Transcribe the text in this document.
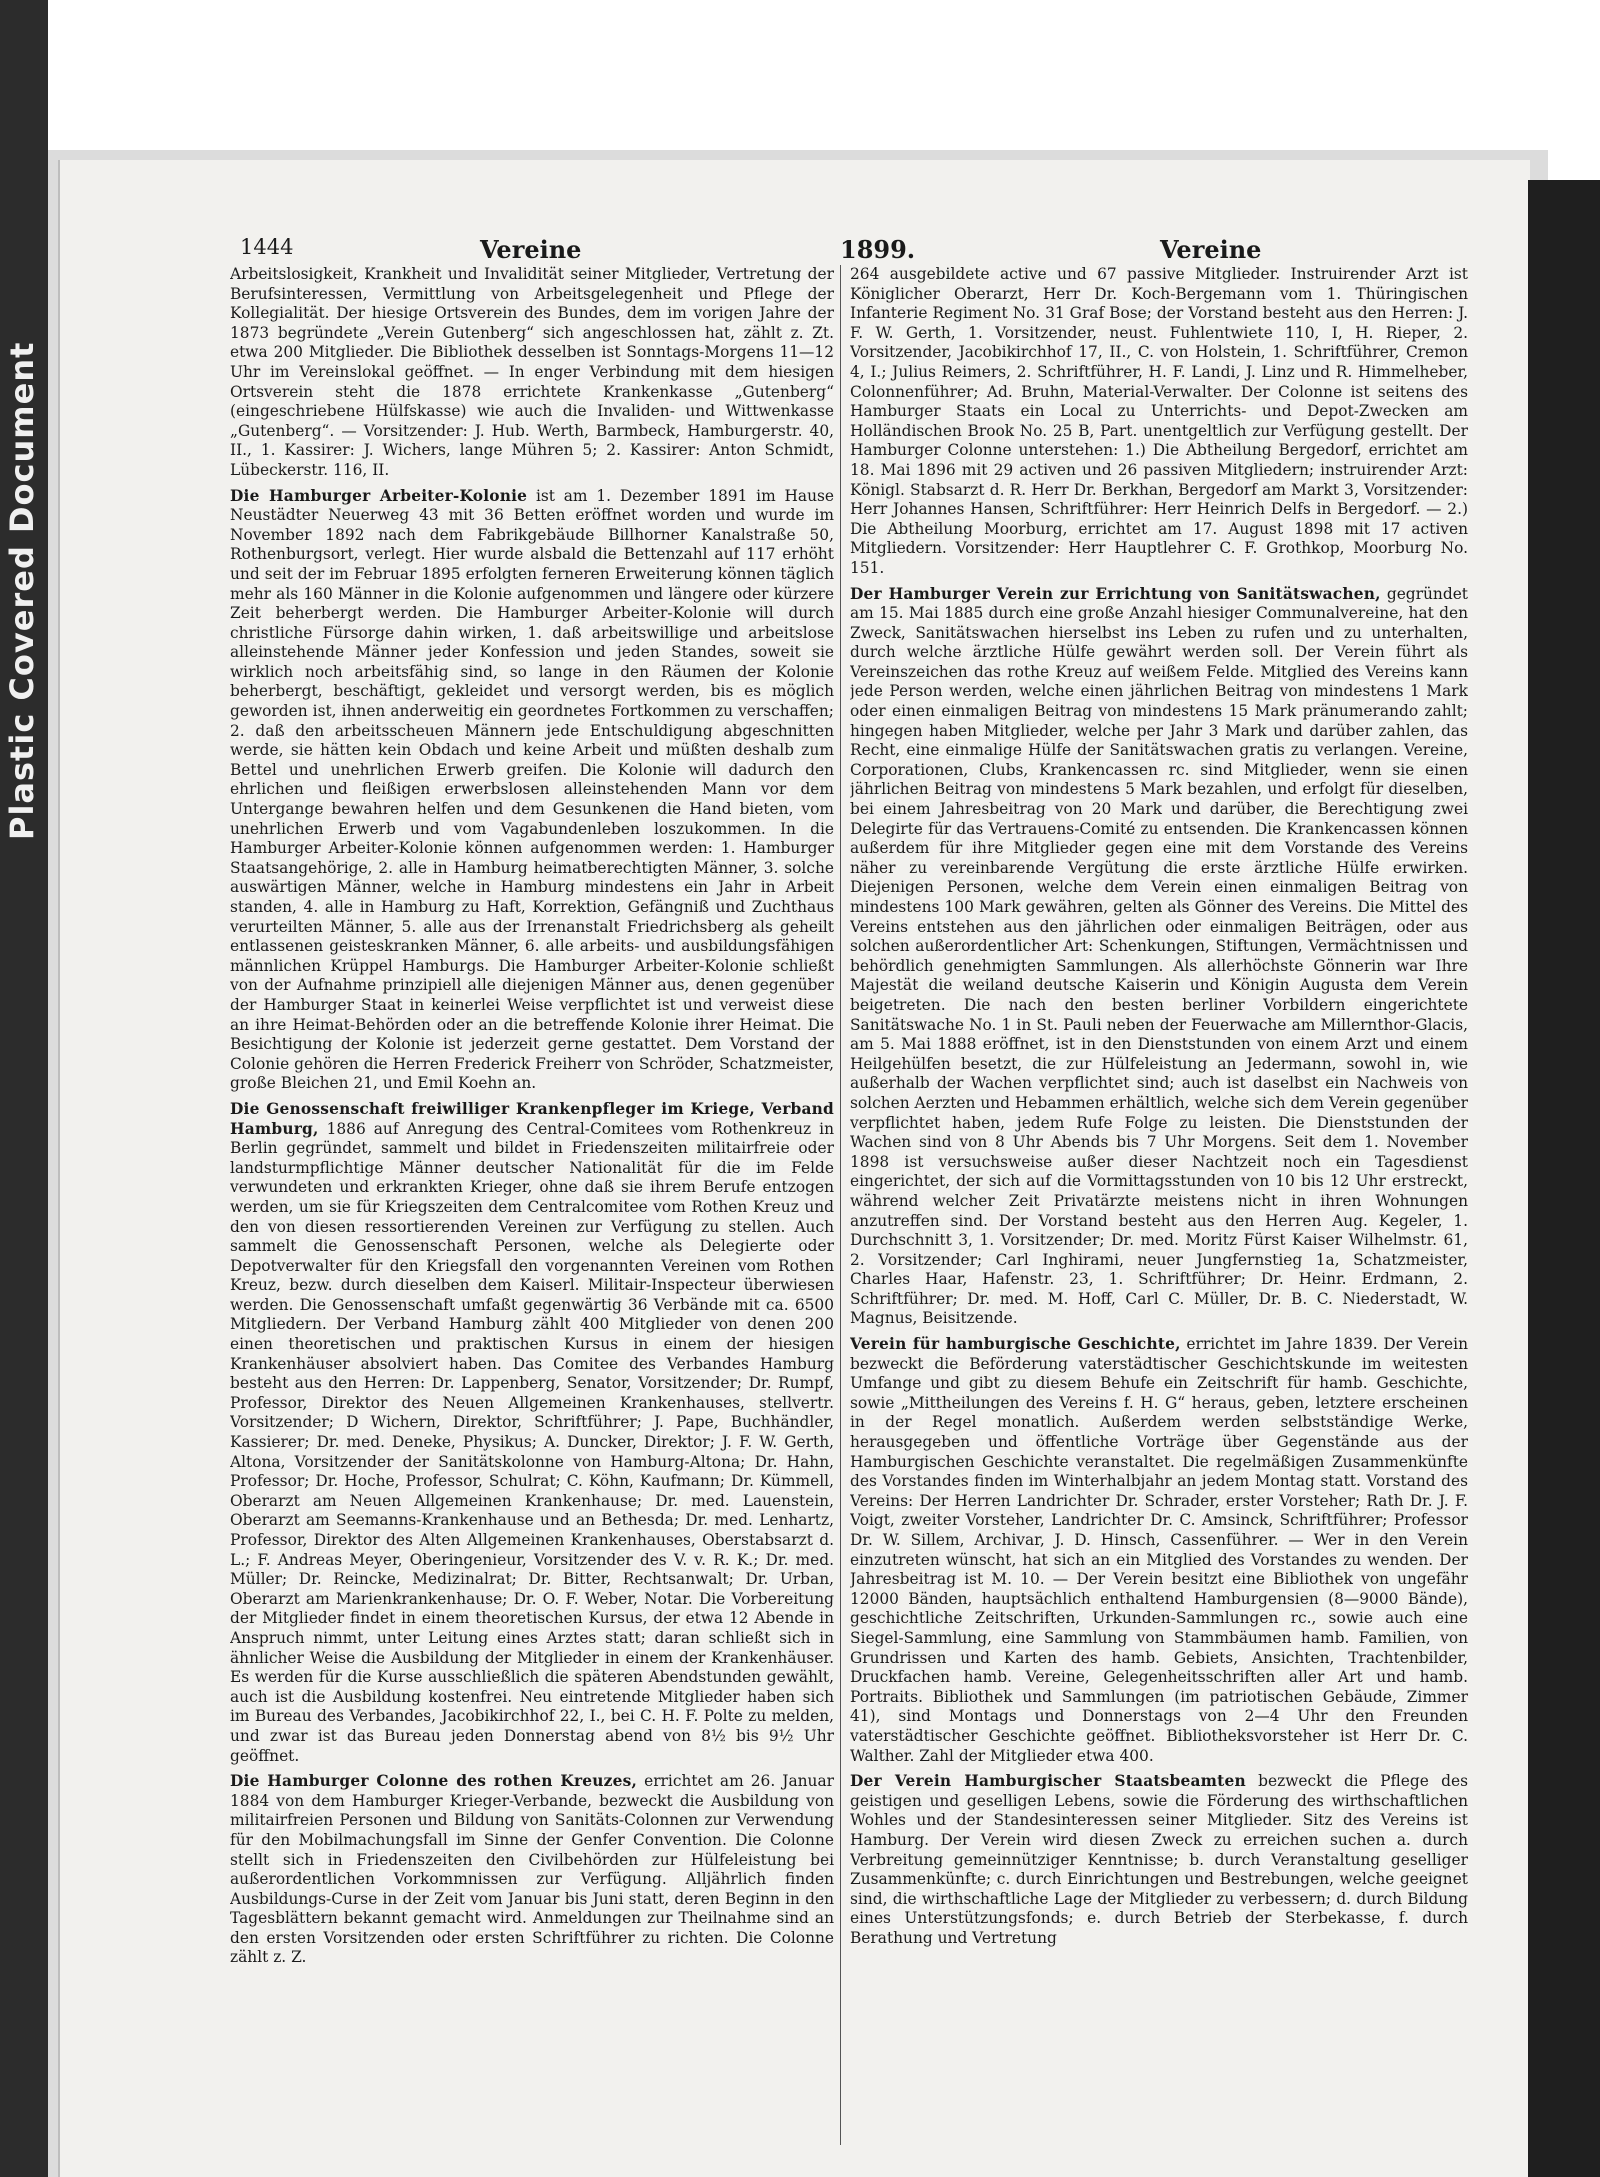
Plastic Covered Document
1444	Vereine	1899.	Vereine

Arbeitslosigkeit, Krankheit und Invalidität seiner Mitglieder, Vertretung der Berufsinteressen, Vermittlung von Arbeitsgelegenheit und Pflege der Kollegialität. Der hiesige Ortsverein des Bundes, dem im vorigen Jahre der 1873 begründete „Verein Gutenberg“ sich angeschlossen hat, zählt z. Zt. etwa 200 Mitglieder. Die Bibliothek desselben ist Sonntags-Morgens 11—12 Uhr im Vereinslokal geöffnet. — In enger Verbindung mit dem hiesigen Ortsverein steht die 1878 errichtete Krankenkasse „Gutenberg“ (eingeschriebene Hülfskasse) wie auch die Invaliden- und Wittwenkasse „Gutenberg“. — Vorsitzender: J. Hub. Werth, Barmbeck, Hamburgerstr. 40, II., 1. Kassirer: J. Wichers, lange Mühren 5; 2. Kassirer: Anton Schmidt, Lübeckerstr. 116, II.

Die Hamburger Arbeiter-Kolonie ist am 1. Dezember 1891 im Hause Neustädter Neuerweg 43 mit 36 Betten eröffnet worden und wurde im November 1892 nach dem Fabrikgebäude Billhorner Kanalstraße 50, Rothenburgsort, verlegt. Hier wurde alsbald die Bettenzahl auf 117 erhöht und seit der im Februar 1895 erfolgten ferneren Erweiterung können täglich mehr als 160 Männer in die Kolonie aufgenommen und längere oder kürzere Zeit beherbergt werden. Die Hamburger Arbeiter-Kolonie will durch christliche Fürsorge dahin wirken, 1. daß arbeitswillige und arbeitslose alleinstehende Männer jeder Konfession und jeden Standes, soweit sie wirklich noch arbeitsfähig sind, so lange in den Räumen der Kolonie beherbergt, beschäftigt, gekleidet und versorgt werden, bis es möglich geworden ist, ihnen anderweitig ein geordnetes Fortkommen zu verschaffen; 2. daß den arbeitsscheuen Männern jede Entschuldigung abgeschnitten werde, sie hätten kein Obdach und keine Arbeit und müßten deshalb zum Bettel und unehrlichen Erwerb greifen. Die Kolonie will dadurch den ehrlichen und fleißigen erwerbslosen alleinstehenden Mann vor dem Untergange bewahren helfen und dem Gesunkenen die Hand bieten, vom unehrlichen Erwerb und vom Vagabundenleben loszukommen. In die Hamburger Arbeiter-Kolonie können aufgenommen werden: 1. Hamburger Staatsangehörige, 2. alle in Hamburg heimatberechtigten Männer, 3. solche auswärtigen Männer, welche in Hamburg mindestens ein Jahr in Arbeit standen, 4. alle in Hamburg zu Haft, Korrektion, Gefängniß und Zuchthaus verurteilten Männer, 5. alle aus der Irrenanstalt Friedrichsberg als geheilt entlassenen geisteskranken Männer, 6. alle arbeits- und ausbildungsfähigen männlichen Krüppel Hamburgs. Die Hamburger Arbeiter-Kolonie schließt von der Aufnahme prinzipiell alle diejenigen Männer aus, denen gegenüber der Hamburger Staat in keinerlei Weise verpflichtet ist und verweist diese an ihre Heimat-Behörden oder an die betreffende Kolonie ihrer Heimat. Die Besichtigung der Kolonie ist jederzeit gerne gestattet. Dem Vorstand der Colonie gehören die Herren Frederick Freiherr von Schröder, Schatzmeister, große Bleichen 21, und Emil Koehn an.

Die Genossenschaft freiwilliger Krankenpfleger im Kriege, Verband Hamburg, 1886 auf Anregung des Central-Comitees vom Rothenkreuz in Berlin gegründet, sammelt und bildet in Friedenszeiten militairfreie oder landsturmpflichtige Männer deutscher Nationalität für die im Felde verwundeten und erkrankten Krieger, ohne daß sie ihrem Berufe entzogen werden, um sie für Kriegszeiten dem Centralcomitee vom Rothen Kreuz und den von diesen ressortierenden Vereinen zur Verfügung zu stellen. Auch sammelt die Genossenschaft Personen, welche als Delegierte oder Depotverwalter für den Kriegsfall den vorgenannten Vereinen vom Rothen Kreuz, bezw. durch dieselben dem Kaiserl. Militair-Inspecteur überwiesen werden. Die Genossenschaft umfaßt gegenwärtig 36 Verbände mit ca. 6500 Mitgliedern. Der Verband Hamburg zählt 400 Mitglieder von denen 200 einen theoretischen und praktischen Kursus in einem der hiesigen Krankenhäuser absolviert haben. Das Comitee des Verbandes Hamburg besteht aus den Herren: Dr. Lappenberg, Senator, Vorsitzender; Dr. Rumpf, Professor, Direktor des Neuen Allgemeinen Krankenhauses, stellvertr. Vorsitzender; D Wichern, Direktor, Schriftführer; J. Pape, Buchhändler, Kassierer; Dr. med. Deneke, Physikus; A. Duncker, Direktor; J. F. W. Gerth, Altona, Vorsitzender der Sanitätskolonne von Hamburg-Altona; Dr. Hahn, Professor; Dr. Hoche, Professor, Schulrat; C. Köhn, Kaufmann; Dr. Kümmell, Oberarzt am Neuen Allgemeinen Krankenhause; Dr. med. Lauenstein, Oberarzt am Seemanns-Krankenhause und an Bethesda; Dr. med. Lenhartz, Professor, Direktor des Alten Allgemeinen Krankenhauses, Oberstabsarzt d. L.; F. Andreas Meyer, Oberingenieur, Vorsitzender des V. v. R. K.; Dr. med. Müller; Dr. Reincke, Medizinalrat; Dr. Bitter, Rechtsanwalt; Dr. Urban, Oberarzt am Marienkrankenhause; Dr. O. F. Weber, Notar. Die Vorbereitung der Mitglieder findet in einem theoretischen Kursus, der etwa 12 Abende in Anspruch nimmt, unter Leitung eines Arztes statt; daran schließt sich in ähnlicher Weise die Ausbildung der Mitglieder in einem der Krankenhäuser. Es werden für die Kurse ausschließlich die späteren Abendstunden gewählt, auch ist die Ausbildung kostenfrei. Neu eintretende Mitglieder haben sich im Bureau des Verbandes, Jacobikirchhof 22, I., bei C. H. F. Polte zu melden, und zwar ist das Bureau jeden Donnerstag abend von 8½ bis 9½ Uhr geöffnet.

Die Hamburger Colonne des rothen Kreuzes, errichtet am 26. Januar 1884 von dem Hamburger Krieger-Verbande, bezweckt die Ausbildung von militairfreien Personen und Bildung von Sanitäts-Colonnen zur Verwendung für den Mobilmachungsfall im Sinne der Genfer Convention. Die Colonne stellt sich in Friedenszeiten den Civilbehörden zur Hülfeleistung bei außerordentlichen Vorkommnissen zur Verfügung. Alljährlich finden Ausbildungs-Curse in der Zeit vom Januar bis Juni statt, deren Beginn in den Tagesblättern bekannt gemacht wird. Anmeldungen zur Theilnahme sind an den ersten Vorsitzenden oder ersten Schriftführer zu richten. Die Colonne zählt z. Z.

264 ausgebildete active und 67 passive Mitglieder. Instruirender Arzt ist Königlicher Oberarzt, Herr Dr. Koch-Bergemann vom 1. Thüringischen Infanterie Regiment No. 31 Graf Bose; der Vorstand besteht aus den Herren: J. F. W. Gerth, 1. Vorsitzender, neust. Fuhlentwiete 110, I, H. Rieper, 2. Vorsitzender, Jacobikirchhof 17, II., C. von Holstein, 1. Schriftführer, Cremon 4, I.; Julius Reimers, 2. Schriftführer, H. F. Landi, J. Linz und R. Himmelheber, Colonnenführer; Ad. Bruhn, Material-Verwalter. Der Colonne ist seitens des Hamburger Staats ein Local zu Unterrichts- und Depot-Zwecken am Holländischen Brook No. 25 B, Part. unentgeltlich zur Verfügung gestellt. Der Hamburger Colonne unterstehen: 1.) Die Abtheilung Bergedorf, errichtet am 18. Mai 1896 mit 29 activen und 26 passiven Mitgliedern; instruirender Arzt: Königl. Stabsarzt d. R. Herr Dr. Berkhan, Bergedorf am Markt 3, Vorsitzender: Herr Johannes Hansen, Schriftführer: Herr Heinrich Delfs in Bergedorf. — 2.) Die Abtheilung Moorburg, errichtet am 17. August 1898 mit 17 activen Mitgliedern. Vorsitzender: Herr Hauptlehrer C. F. Grothkop, Moorburg No. 151.

Der Hamburger Verein zur Errichtung von Sanitätswachen, gegründet am 15. Mai 1885 durch eine große Anzahl hiesiger Communalvereine, hat den Zweck, Sanitätswachen hierselbst ins Leben zu rufen und zu unterhalten, durch welche ärztliche Hülfe gewährt werden soll. Der Verein führt als Vereinszeichen das rothe Kreuz auf weißem Felde. Mitglied des Vereins kann jede Person werden, welche einen jährlichen Beitrag von mindestens 1 Mark oder einen einmaligen Beitrag von mindestens 15 Mark pränumerando zahlt; hingegen haben Mitglieder, welche per Jahr 3 Mark und darüber zahlen, das Recht, eine einmalige Hülfe der Sanitätswachen gratis zu verlangen. Vereine, Corporationen, Clubs, Krankencassen rc. sind Mitglieder, wenn sie einen jährlichen Beitrag von mindestens 5 Mark bezahlen, und erfolgt für dieselben, bei einem Jahresbeitrag von 20 Mark und darüber, die Berechtigung zwei Delegirte für das Vertrauens-Comité zu entsenden. Die Krankencassen können außerdem für ihre Mitglieder gegen eine mit dem Vorstande des Vereins näher zu vereinbarende Vergütung die erste ärztliche Hülfe erwirken. Diejenigen Personen, welche dem Verein einen einmaligen Beitrag von mindestens 100 Mark gewähren, gelten als Gönner des Vereins. Die Mittel des Vereins entstehen aus den jährlichen oder einmaligen Beiträgen, oder aus solchen außerordentlicher Art: Schenkungen, Stiftungen, Vermächtnissen und behördlich genehmigten Sammlungen. Als allerhöchste Gönnerin war Ihre Majestät die weiland deutsche Kaiserin und Königin Augusta dem Verein beigetreten. Die nach den besten berliner Vorbildern eingerichtete Sanitätswache No. 1 in St. Pauli neben der Feuerwache am Millernthor-Glacis, am 5. Mai 1888 eröffnet, ist in den Dienststunden von einem Arzt und einem Heilgehülfen besetzt, die zur Hülfeleistung an Jedermann, sowohl in, wie außerhalb der Wachen verpflichtet sind; auch ist daselbst ein Nachweis von solchen Aerzten und Hebammen erhältlich, welche sich dem Verein gegenüber verpflichtet haben, jedem Rufe Folge zu leisten. Die Dienststunden der Wachen sind von 8 Uhr Abends bis 7 Uhr Morgens. Seit dem 1. November 1898 ist versuchsweise außer dieser Nachtzeit noch ein Tagesdienst eingerichtet, der sich auf die Vormittagsstunden von 10 bis 12 Uhr erstreckt, während welcher Zeit Privatärzte meistens nicht in ihren Wohnungen anzutreffen sind. Der Vorstand besteht aus den Herren Aug. Kegeler, 1. Durchschnitt 3, 1. Vorsitzender; Dr. med. Moritz Fürst Kaiser Wilhelmstr. 61, 2. Vorsitzender; Carl Inghirami, neuer Jungfernstieg 1a, Schatzmeister, Charles Haar, Hafenstr. 23, 1. Schriftführer; Dr. Heinr. Erdmann, 2. Schriftführer; Dr. med. M. Hoff, Carl C. Müller, Dr. B. C. Niederstadt, W. Magnus, Beisitzende.

Verein für hamburgische Geschichte, errichtet im Jahre 1839. Der Verein bezweckt die Beförderung vaterstädtischer Geschichtskunde im weitesten Umfange und gibt zu diesem Behufe ein Zeitschrift für hamb. Geschichte, sowie „Mittheilungen des Vereins f. H. G“ heraus, geben, letztere erscheinen in der Regel monatlich. Außerdem werden selbstständige Werke, herausgegeben und öffentliche Vorträge über Gegenstände aus der Hamburgischen Geschichte veranstaltet. Die regelmäßigen Zusammenkünfte des Vorstandes finden im Winterhalbjahr an jedem Montag statt. Vorstand des Vereins: Der Herren Landrichter Dr. Schrader, erster Vorsteher; Rath Dr. J. F. Voigt, zweiter Vorsteher, Landrichter Dr. C. Amsinck, Schriftführer; Professor Dr. W. Sillem, Archivar, J. D. Hinsch, Cassenführer. — Wer in den Verein einzutreten wünscht, hat sich an ein Mitglied des Vorstandes zu wenden. Der Jahresbeitrag ist M. 10. — Der Verein besitzt eine Bibliothek von ungefähr 12000 Bänden, hauptsächlich enthaltend Hamburgensien (8—9000 Bände), geschichtliche Zeitschriften, Urkunden-Sammlungen rc., sowie auch eine Siegel-Sammlung, eine Sammlung von Stammbäumen hamb. Familien, von Grundrissen und Karten des hamb. Gebiets, Ansichten, Trachtenbilder, Druckfachen hamb. Vereine, Gelegenheitsschriften aller Art und hamb. Portraits. Bibliothek und Sammlungen (im patriotischen Gebäude, Zimmer 41), sind Montags und Donnerstags von 2—4 Uhr den Freunden vaterstädtischer Geschichte geöffnet. Bibliotheksvorsteher ist Herr Dr. C. Walther. Zahl der Mitglieder etwa 400.

Der Verein Hamburgischer Staatsbeamten bezweckt die Pflege des geistigen und geselligen Lebens, sowie die Förderung des wirthschaftlichen Wohles und der Standesinteressen seiner Mitglieder. Sitz des Vereins ist Hamburg. Der Verein wird diesen Zweck zu erreichen suchen a. durch Verbreitung gemeinnütziger Kenntnisse; b. durch Veranstaltung geselliger Zusammenkünfte; c. durch Einrichtungen und Bestrebungen, welche geeignet sind, die wirthschaftliche Lage der Mitglieder zu verbessern; d. durch Bildung eines Unterstützungsfonds; e. durch Betrieb der Sterbekasse, f. durch Berathung und Vertretung
